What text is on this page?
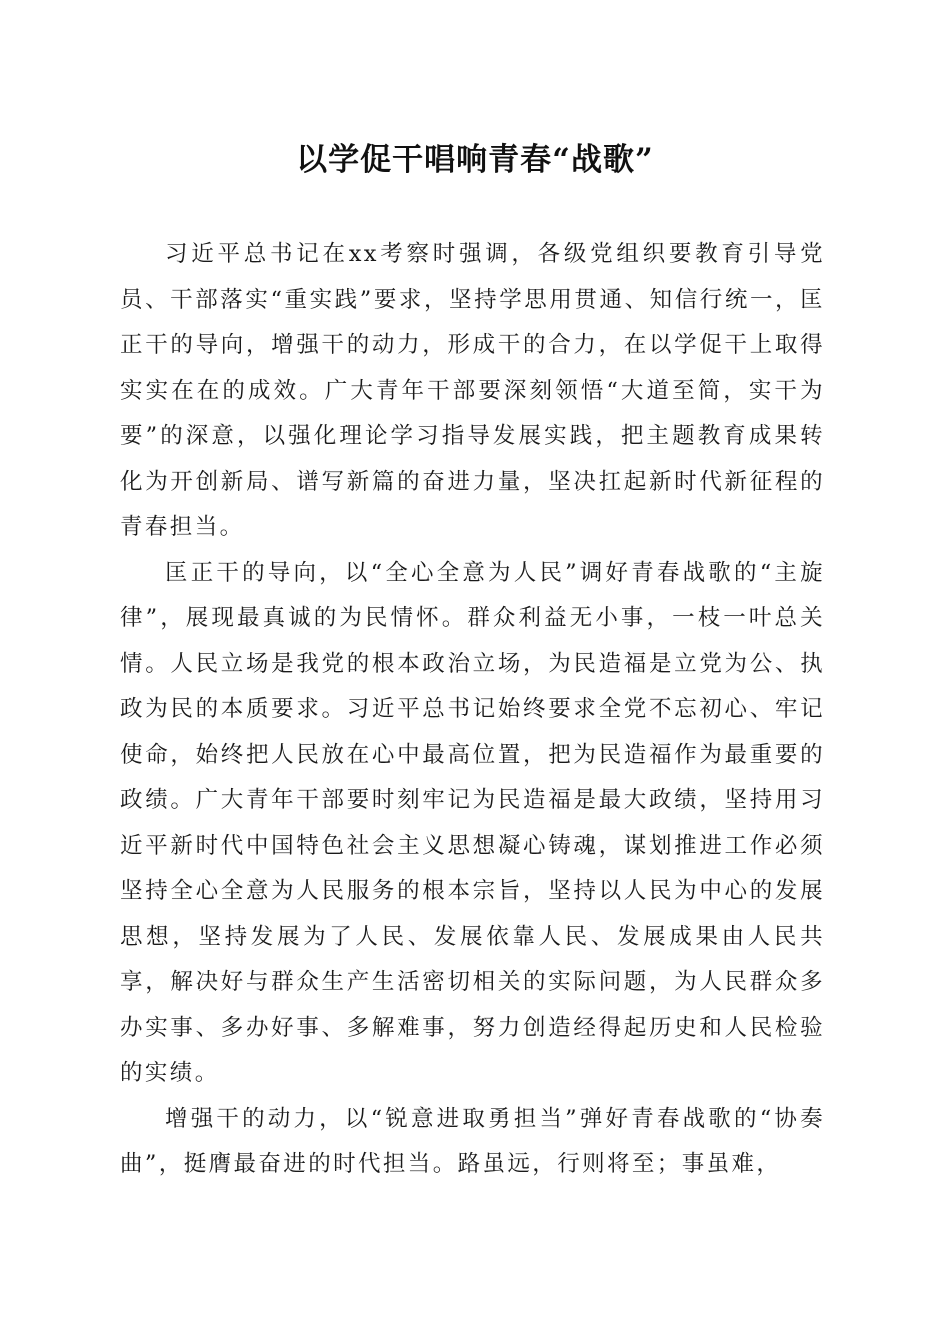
以学促干唱响青春“战歌”

习近平总书记在xx考察时强调，各级党组织要教育引导党员、干部落实“重实践”要求，坚持学思用贯通、知信行统一，匡正干的导向，增强干的动力，形成干的合力，在以学促干上取得实实在在的成效。广大青年干部要深刻领悟“大道至简，实干为要”的深意，以强化理论学习指导发展实践，把主题教育成果转化为开创新局、谱写新篇的奋进力量，坚决扛起新时代新征程的青春担当。

匡正干的导向，以“全心全意为人民”调好青春战歌的“主旋律”，展现最真诚的为民情怀。群众利益无小事，一枝一叶总关情。人民立场是我党的根本政治立场，为民造福是立党为公、执政为民的本质要求。习近平总书记始终要求全党不忘初心、牢记使命，始终把人民放在心中最高位置，把为民造福作为最重要的政绩。广大青年干部要时刻牢记为民造福是最大政绩，坚持用习近平新时代中国特色社会主义思想凝心铸魂，谋划推进工作必须坚持全心全意为人民服务的根本宗旨，坚持以人民为中心的发展思想，坚持发展为了人民、发展依靠人民、发展成果由人民共享，解决好与群众生产生活密切相关的实际问题，为人民群众多办实事、多办好事、多解难事，努力创造经得起历史和人民检验的实绩。

增强干的动力，以“锐意进取勇担当”弹好青春战歌的“协奏曲”，挺膺最奋进的时代担当。路虽远，行则将至；事虽难，
